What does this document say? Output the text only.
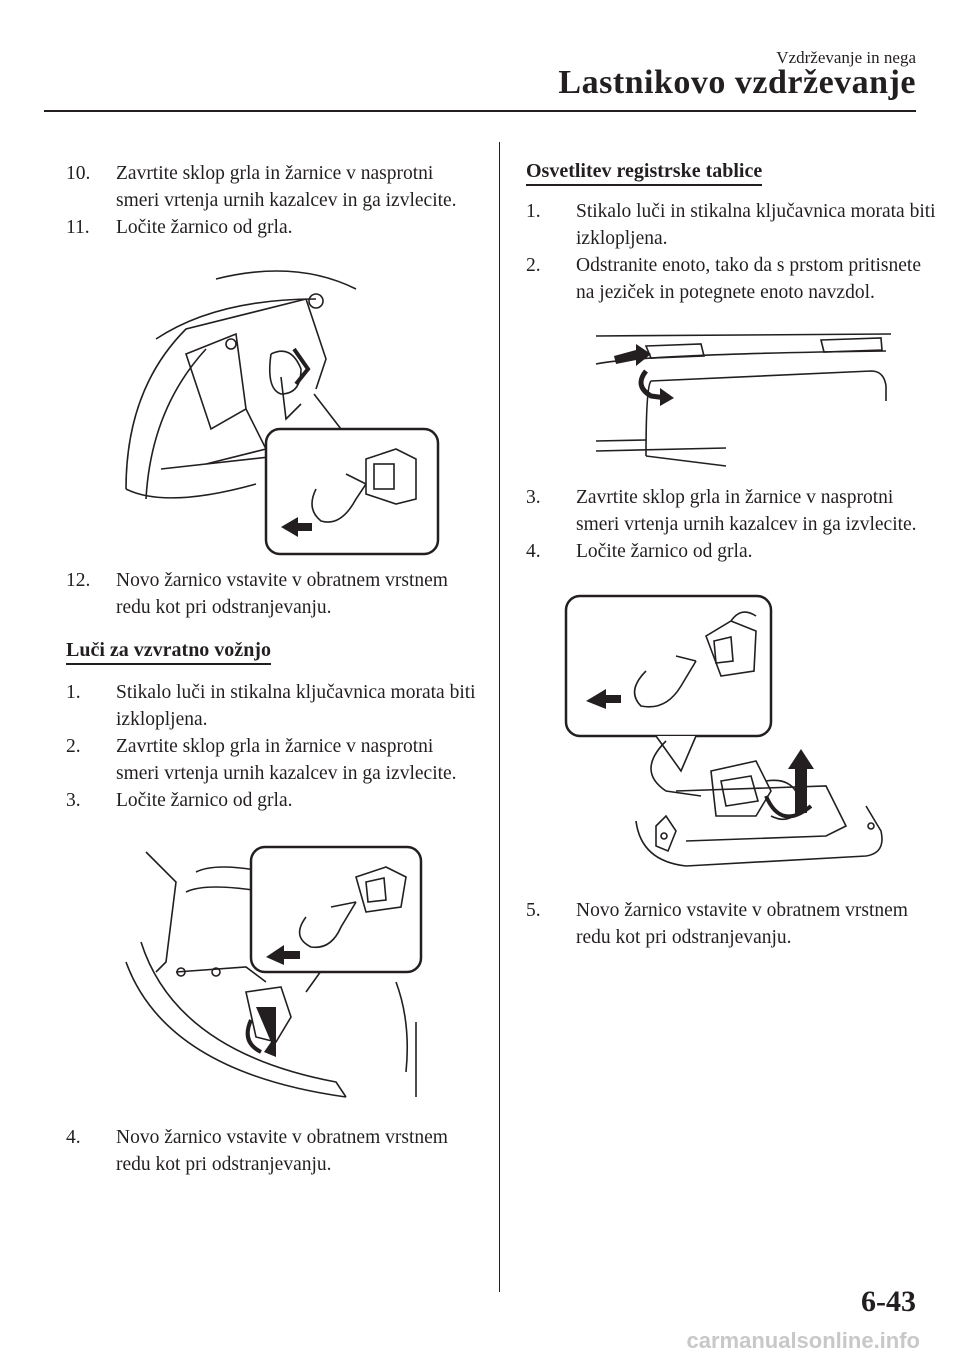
Vzdrževanje in nega
Lastnikovo vzdrževanje

10. Zavrtite sklop grla in žarnice v nasprotni smeri vrtenja urnih kazalcev in ga izvlecite.

11. Ločite žarnico od grla.

12. Novo žarnico vstavite v obratnem vrstnem redu kot pri odstranjevanju.

Luči za vzvratno vožnjo

1. Stikalo luči in stikalna ključavnica morata biti izklopljena.

2. Zavrtite sklop grla in žarnice v nasprotni smeri vrtenja urnih kazalcev in ga izvlecite.

3. Ločite žarnico od grla.

4. Novo žarnico vstavite v obratnem vrstnem redu kot pri odstranjevanju.

Osvetlitev registrske tablice

1. Stikalo luči in stikalna ključavnica morata biti izklopljena.

2. Odstranite enoto, tako da s prstom pritisnete na jeziček in potegnete enoto navzdol.

3. Zavrtite sklop grla in žarnice v nasprotni smeri vrtenja urnih kazalcev in ga izvlecite.

4. Ločite žarnico od grla.

5. Novo žarnico vstavite v obratnem vrstnem redu kot pri odstranjevanju.

6-43
carmanualsonline.info
